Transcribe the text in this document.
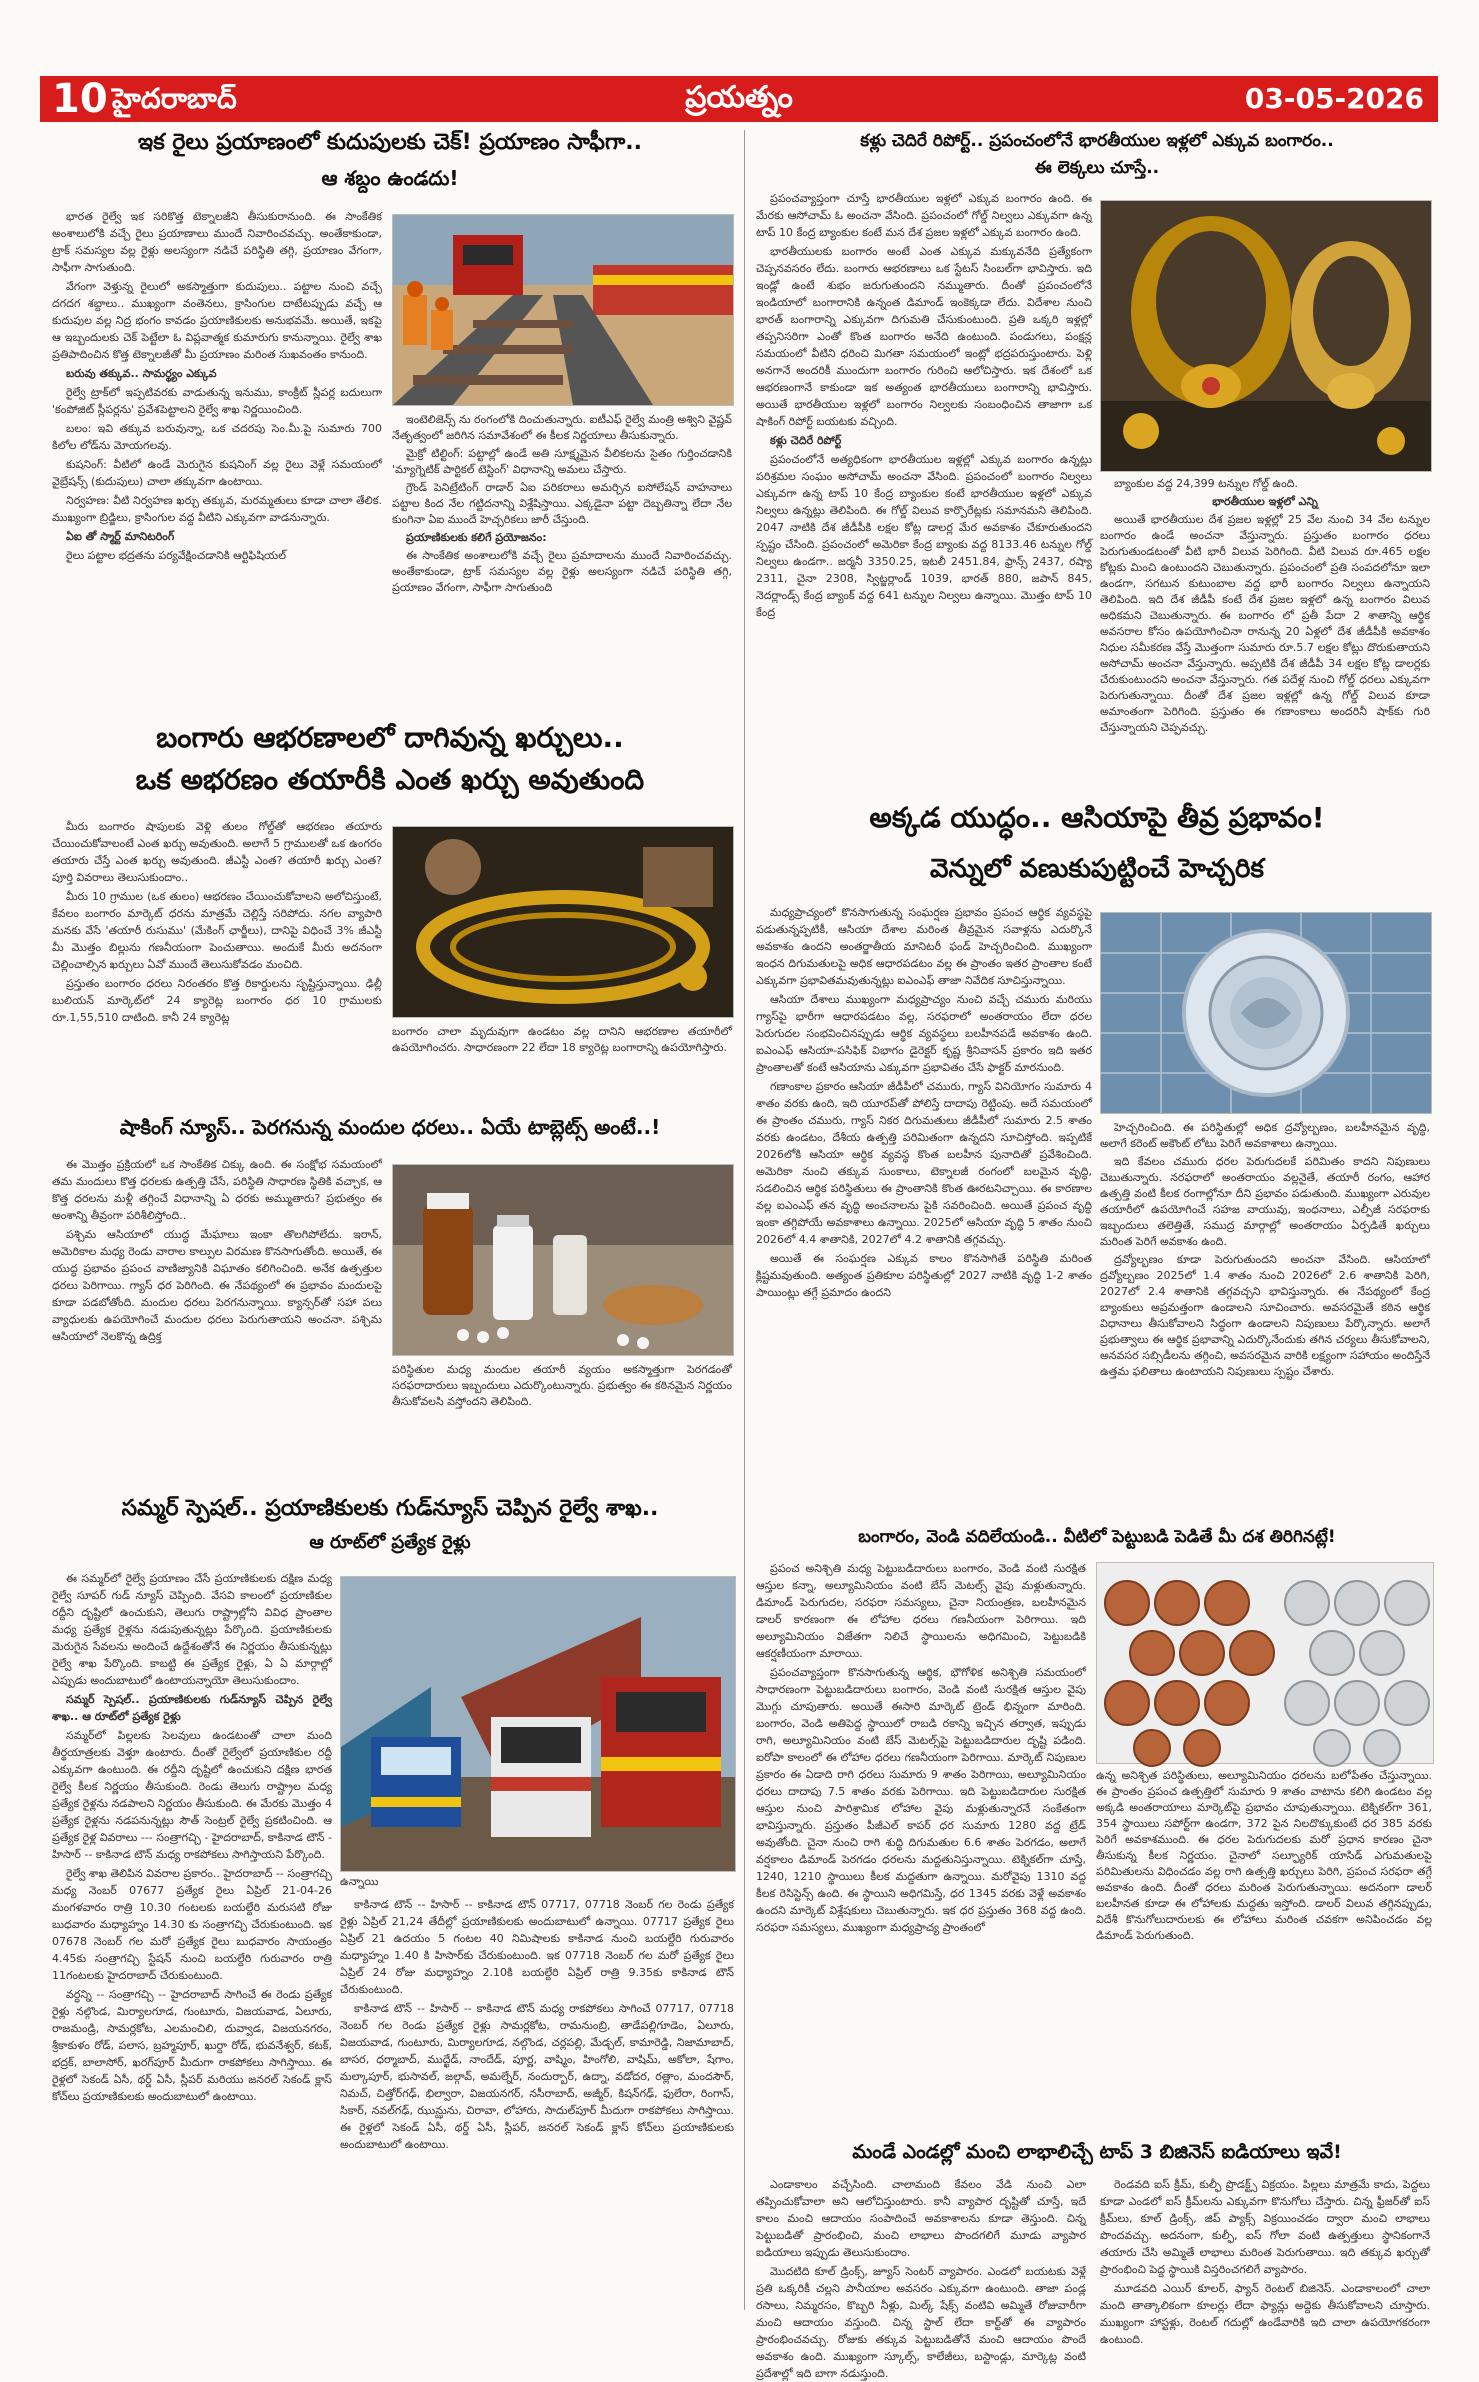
10 హైదరాబాద్	ప్రయత్నం	03-05-2026
ఇక రైలు ప్రయాణంలో కుదుపులకు చెక్! ప్రయాణం సాఫీగా..
ఆ శబ్దం ఉండదు!

భారత రైల్వే ఇక సరికొత్త టెక్నాలజీని తీసుకురానుంది. ఈ సాంకేతిక అంశాలులోకి వచ్చే రైలు ప్రయాణాలు ముందే నివారించవచ్చు. అంతేకాకుండా, ట్రాక్ సమస్యల వల్ల రైళ్లు అలస్యంగా నడిచే పరిస్థితి తగ్గి, ప్రయాణం వేగంగా, సాఫీగా సాగుతుంది.

వేగంగా వెళ్తున్న రైలులో అకస్మాత్తుగా కుదుపులు.. పట్టాల నుంచి వచ్చే దగదగ శబ్దాలు.. ముఖ్యంగా వంతెనలు, క్రాసింగుల దాటేటప్పుడు వచ్చే ఆ కుదుపుల వల్ల నిద్ర భంగం కావడం ప్రయాణికులకు అనుభవమే. అయితే, ఇకపై ఆ ఇబ్బందులకు చెక్ పెట్టేలా ఓ విప్లవాత్మక కుమారుగు కానున్నాయి. రైల్వే శాఖ ప్రతిపాదించిన కొత్త టెక్నాలజీతో మీ ప్రయాణం మరింత సుఖవంతం కానుంది.

బరువు తక్కువ.. సామర్థ్యం ఎక్కువ

రైల్వే ట్రాక్‌లో ఇప్పటివరకు వాడుతున్న ఇనుము, కాంక్రీట్ స్లీపర్ల బదులుగా 'కంపోజిట్ స్లీపర్లను' ప్రవేశపెట్టాలని రైల్వే శాఖ నిర్ణయించింది.

బలం: ఇవి తక్కువ బరువున్నా, ఒక చదరపు సెం.మీ.పై సుమారు 700 కిలోల లోడ్‌ను మోయగలవు.

కుషనింగ్: వీటిలో ఉండే మెరుగైన కుషనింగ్ వల్ల రైలు వెళ్లే సమయంలో వైబ్రేషన్స్ (కుదుపులు) చాలా తక్కువగా ఉంటాయి.

నిర్వహణ: వీటి నిర్వహణ ఖర్చు తక్కువ, మరమ్మతులు కూడా చాలా తేలిక. ముఖ్యంగా బ్రిడ్జిలు, క్రాసింగుల వద్ద వీటిని ఎక్కువగా వాడనున్నారు.

ఏఐ తో స్మార్ట్ మానిటరింగ్

రైలు పట్టాల భద్రతను పర్యవేక్షించడానికి ఆర్టిఫిషియల్

ఇంటెలిజెన్స్ ను రంగంలోకి దించుతున్నారు. ఐటీఎఫ్ రైల్వే మంత్రి అశ్విని వైష్ణవ్ నేతృత్వంలో జరిగిన సమావేశంలో ఈ కీలక నిర్ణయాలు తీసుకున్నారు.

మైక్రో టిల్టింగ్: పట్టాల్లో ఉండే అతి సూక్ష్మమైన వీలికలను సైతం గుర్తించడానికి 'మ్యాగ్నెటిక్ పార్టికల్ టెస్టింగ్' విధానాన్ని అమలు చేస్తారు.

గ్రౌండ్ పెనిట్రేటింగ్ రాడార్ ఏఐ పరికరాలు అమర్చిన ఐసోలేషన్ వాహనాలు పట్టాల కింద నేల గట్టిదనాన్ని విశ్లేషిస్తాయి. ఎక్కడైనా పట్టా దెబ్బతిన్నా లేదా నేల కుంగినా ఏఐ ముందే హెచ్చరికలు జారీ చేస్తుంది.

ప్రయాణికులకు కలిగే ప్రయోజనం:

ఈ సాంకేతిక అంశాలులోకి వచ్చే రైలు ప్రమాదాలను ముందే నివారించవచ్చు. అంతేకాకుండా, ట్రాక్ సమస్యల వల్ల రైళ్లు అలస్యంగా నడిచే పరిస్థితి తగ్గి, ప్రయాణం వేగంగా, సాఫీగా సాగుతుంది

కళ్లు చెదిరే రిపోర్ట్.. ప్రపంచంలోనే భారతీయుల ఇళ్లలో ఎక్కువ బంగారం..
ఈ లెక్కలు చూస్తే..

ప్రపంచవ్యాప్తంగా చూస్తే భారతీయుల ఇళ్లలో ఎక్కువ బంగారం ఉంది. ఈ మేరకు ఆసోచామ్ ఓ అంచనా వేసింది. ప్రపంచంలో గోల్డ్ నిల్వలు ఎక్కువగా ఉన్న టాప్ 10 కేంద్ర బ్యాంకుల కంటే మన దేశ ప్రజల ఇళ్లలో ఎక్కువ బంగారం ఉంది.

భారతీయులకు బంగారం అంటే ఎంత ఎక్కువ మక్కువనేది ప్రత్యేకంగా చెప్పనవసరం లేదు. బంగారు ఆభరణాలు ఒక స్టేటస్ సింబల్‌గా భావిస్తారు. ఇది ఇండ్లో ఉంటే శుభం జరుగుతుందని నమ్ముతారు. దీంతో ప్రపంచంలోనే ఇండియాలో బంగారానికి ఉన్నంత డిమాండ్ ఇంకెక్కడా లేదు. విదేశాల నుంచి భారత్ బంగారాన్ని ఎక్కువగా దిగుమతి చేసుకుంటుంది. ప్రతి ఒక్కరి ఇళ్లల్లో తప్పనిసరిగా ఎంతో కొంత బంగారం అనేది ఉంటుంది. పండుగలు, పంక్షన్ల సమయంలో వీటిని ధరించి మిగతా సమయంలో ఇంట్లో భద్రపరుస్తుంటారు. పెళ్లి అనగానే అందరికీ ముందుగా బంగారం గురించి ఆలోచిస్తారు. ఇక దేశంలో ఒక ఆభరణంగానే కాకుండా ఇక అత్యంత భారతీయులు బంగారాన్ని భావిస్తారు. అయితే భారతీయుల ఇళ్లలో బంగారం నిల్వలకు సంబంధించిన తాజాగా ఒక షాకింగ్ రిపోర్ట్ బయటకు వచ్చింది.

కళ్లు చెదిరే రిపోర్ట్

ప్రపంచంలోనే అత్యధికంగా భారతీయుల ఇళ్లల్లో ఎక్కువ బంగారం ఉన్నట్లు పరిశ్రమల సంఘం అసోచామ్ అంచనా వేసింది. ప్రపంచంలో బంగారం నిల్వలు ఎక్కువగా ఉన్న టాప్ 10 కేంద్ర బ్యాంకుల కంటే భారతీయుల ఇళ్లలో ఎక్కువ నిల్వలు ఉన్నట్లు తెలిపింది. ఈ గోల్డ్ విలువ కార్పొరేట్లకు సమానమని తెలిపింది. 2047 నాటికి దేశ జీడీపీకి లక్షల కోట్ల డాలర్ల మేర అవకాశం చేకూరుతుందని స్పష్టం చేసింది. ప్రపంచంలో అమెరికా కేంద్ర బ్యాంకు వద్ద 8133.46 టన్నుల గోల్డ్ నిల్వలు ఉండగా.. జర్మనీ 3350.25, ఇటలీ 2451.84, ఫ్రాన్స్ 2437, రష్యా 2311, చైనా 2308, స్విట్జర్లాండ్ 1039, భారత్ 880, జపాన్ 845, నెదర్లాండ్స్ కేంద్ర బ్యాంక్ వద్ద 641 టన్నుల నిల్వలు ఉన్నాయి. మొత్తం టాప్ 10 కేంద్ర

బ్యాంకుల వద్ద 24,399 టన్నుల గోల్డ్ ఉంది.

భారతీయుల ఇళ్లలో ఎన్ని

అయితే భారతీయుల దేశ ప్రజల ఇళ్లల్లో 25 వేల నుంచి 34 వేల టన్నుల బంగారం ఉండే అంచనా వేస్తున్నారు. ప్రస్తుతం బంగారం ధరలు పెరుగుతుండటంతో వీటి భారీ విలువ పెరిగింది. వీటి విలువ రూ.465 లక్షల కోట్లకు మించి ఉంటుందని చెబుతున్నారు. ప్రపంచంలో ప్రతి సంపదలోనూ ఇలా ఉండగా, సగటున కుటుంబాల వద్ద భారీ బంగారం నిల్వలు ఉన్నాయని తెలిపింది. ఇది దేశ జీడీపీ కంటే దేశ ప్రజల ఇళ్లలో ఉన్న బంగారం విలువ అధికమని చెబుతున్నారు. ఈ బంగారం లో ప్రతీ పేదా 2 శాతాన్ని ఆర్థిక అవసరాల కోసం ఉపయోగించినా రానున్న 20 ఏళ్లలో దేశ జీడీపీకి అవకాశం నిధుల సమీకరణ వేస్తే మొత్తంగా సుమారు రూ.5.7 లక్షల కోట్లు దొరుకుతాయని అసోచామ్ అంచనా వేస్తున్నారు. అప్పటికి దేశ జీడీపీ 34 లక్షల కోట్ల డాలర్లకు చేరుకుంటుందని అంచనా వేస్తున్నారు. గత పదేళ్ల నుంచి గోల్డ్ ధరలు ఎక్కువగా పెరుగుతున్నాయి. దీంతో దేశ ప్రజల ఇళ్లల్లో ఉన్న గోల్డ్ విలువ కూడా అమాంతంగా పెరిగింది. ప్రస్తుతం ఈ గణాంకాలు అందరినీ షాక్‌కు గురి చేస్తున్నాయని చెప్పవచ్చు.

బంగారు ఆభరణాలలో దాగివున్న ఖర్చులు..
ఒక అభరణం తయారీకి ఎంత ఖర్చు అవుతుంది

మీరు బంగారం షాపులకు వెళ్లి తులం గోల్డ్‌తో ఆభరణం తయారు చేయించుకోవాలంటే ఎంత ఖర్చు అవుతుంది. అలాగే 5 గ్రాములతో ఒక ఉంగరం తయారు చేస్తే ఎంత ఖర్చు అవుతుంది. జీఎస్టీ ఎంత? తయారీ ఖర్చు ఎంత? పూర్తి వివరాలు తెలుసుకుందాం..

మీరు 10 గ్రాముల (ఒక తులం) ఆభరణం చేయించుకోవాలని అలోచిస్తుంటే, కేవలం బంగారం మార్కెట్ ధరను మాత్రమే చెల్లిస్తే సరిపోదు. నగల వ్యాపారి మనకు వేసే 'తయారీ రుసుము' (మేకింగ్ ఛార్జీలు), దానిపై విధించే 3% జీఎస్టీ మీ మొత్తం బిల్లును గణనీయంగా పెంచుతాయి. అందుకే మీరు అదనంగా చెల్లించాల్సిన ఖర్చులు ఏవో ముందే తెలుసుకోవడం మంచిది.

ప్రస్తుతం బంగారం ధరలు నిరంతరం కొత్త రికార్డులను సృష్టిస్తున్నాయి. ఢిల్లీ బులియన్ మార్కెట్‌లో 24 క్యారెట్ల బంగారం ధర 10 గ్రాములకు రూ.1,55,510 దాటింది. కానీ 24 క్యారెట్ల

బంగారం చాలా మృదువుగా ఉండటం వల్ల దానిని ఆభరణాల తయారీలో ఉపయోగించరు. సాధారణంగా 22 లేదా 18 క్యారెట్ల బంగారాన్ని ఉపయోగిస్తారు.
అక్కడ యుద్ధం.. ఆసియాపై తీవ్ర ప్రభావం!
వెన్నులో వణుకుపుట్టించే హెచ్చరిక

మధ్యప్రాచ్యంలో కొనసాగుతున్న సంఘర్షణ ప్రభావం ప్రపంచ ఆర్థిక వ్యవస్థపై పడుతున్నప్పటికీ, ఆసియా దేశాల మరింత తీవ్రమైన సవాళ్లను ఎదుర్కొనే అవకాశం ఉందని అంతర్జాతీయ మానిటరీ ఫండ్ హెచ్చరించింది. ముఖ్యంగా ఇంధన దిగుమతులపై అధిక ఆధారపడటం వల్ల ఈ ప్రాంతం ఇతర ప్రాంతాల కంటే ఎక్కువగా ప్రభావితమవుతున్నట్లు ఐఎంఎఫ్ తాజా నివేదిక సూచిస్తున్నాయి.

ఆసియా దేశాలు ముఖ్యంగా మధ్యప్రాచ్యం నుంచి వచ్చే చమురు మరియు గ్యాస్‌పై భారీగా ఆధారపడటం వల్ల, సరఫరాలో అంతరాయం లేదా ధరల పెరుగుదల సంభవించినప్పుడు ఆర్థిక వ్యవస్థలు బలహీనపడే అవకాశం ఉంది. ఐఎంఎఫ్ ఆసియా-పసిఫిక్ విభాగం డైరెక్టర్ కృష్ణ శ్రీనివాసన్ ప్రకారం ఇది ఇతర ప్రాంతాలతో కంటే ఆసియాను ఎక్కువగా ప్రభావితం చేసే ఫాక్టర్ మారనుంది.

గణాంకాల ప్రకారం ఆసియా జీడీపీలో చమురు, గ్యాస్ వినియోగం సుమారు 4 శాతం వరకు ఉంది, ఇది యూరప్‌తో పోలిస్తే దాదాపు రెట్టింపు. అదే సమయంలో ఈ ప్రాంతం చమురు, గ్యాస్ నికర దిగుమతులు జీడీపీలో సుమారు 2.5 శాతం వరకు ఉండటం, దేశీయ ఉత్పత్తి పరిమితంగా ఉన్నదని సూచిస్తోంది. ఇప్పటికే 2026లోకి ఆసియా ఆర్థిక వ్యవస్థ కొంత బలహీన పునాదితో ప్రవేశించింది. అమెరికా నుంచి తక్కువ సుంకాలు, టెక్నాలజీ రంగంలో బలమైన వృద్ధి, సడలించిన ఆర్థిక పరిస్థితులు ఈ ప్రాంతానికి కొంత ఊరటనిచ్చాయి. ఈ కారణాల వల్ల ఐఎంఎఫ్ తన వృద్ధి అంచనాలను పైకి సవరించింది. అయితే ప్రపంచ వృద్ధి ఇంకా తగ్గిపోయే అవకాశాలు ఉన్నాయి. 2025లో ఆసియా వృద్ధి 5 శాతం నుంచి 2026లో 4.4 శాతానికి, 2027లో 4.2 శాతానికి తగ్గవచ్చు.

అయితే ఈ సంఘర్షణ ఎక్కువ కాలం కొనసాగితే పరిస్థితి మరింత క్లిష్టమవుతుంది. అత్యంత ప్రతికూల పరిస్థితుల్లో 2027 నాటికి వృద్ధి 1-2 శాతం పాయింట్లు తగ్గే ప్రమాదం ఉందని

హెచ్చరించింది. ఈ పరిస్థితుల్లో అధిక ద్రవ్యోల్బణం, బలహీనమైన వృద్ధి, అలాగే కరెంట్ అకౌంట్ లోటు పెరిగే అవకాశాలు ఉన్నాయి.

ఇది కేవలం చమురు ధరల పెరుగుదలకే పరిమితం కాదని నిపుణులు చెబుతున్నారు. నరఫరాలో అంతరాయం వల్లనైతే, తయారీ రంగం, ఆహార ఉత్పత్తి వంటి కీలక రంగాల్లోనూ దీని ప్రభావం పడుతుంది. ముఖ్యంగా ఎరువుల తయారీలో ఉపయోగించే సహజ వాయువు, ఇంధనాలు, ఎల్పీజీ సరఫరాకు ఇబ్బందులు తలెత్తితే, సముద్ర మార్గాల్లో అంతరాయం ఏర్పడితే ఖర్చులు మరింత పెరిగే అవకాశం ఉంది.

ద్రవ్యోల్బణం కూడా పెరుగుతుందని అంచనా వేసింది. ఆసియాలో ద్రవ్యోల్బణం 2025లో 1.4 శాతం నుంచి 2026లో 2.6 శాతానికి పెరిగి, 2027లో 2.4 శాతానికి తగ్గవచ్చని భావిస్తున్నారు. ఈ నేపథ్యంలో కేంద్ర బ్యాంకులు అప్రమత్తంగా ఉండాలని సూచించారు. అవసరమైతే కఠిన ఆర్థిక విధానాలు తీసుకోవాలని సిద్ధంగా ఉండాలని నిపుణులు పేర్కొన్నారు. అలాగే ప్రభుత్వాలు ఈ ఆర్థిక ప్రభావాన్ని ఎదుర్కొనేందుకు తగిన చర్యలు తీసుకోవాలని, అనవసర సబ్సిడీలను తగ్గించి, అవసరమైన వారికి లక్ష్యంగా సహాయం అందిస్తేనే ఉత్తమ ఫలితాలు ఉంటాయని నిపుణులు స్పష్టం చేశారు.

షాకింగ్ న్యూస్.. పెరగనున్న మందుల ధరలు.. ఏయే టాబ్లెట్స్ అంటే..!

ఈ మొత్తం ప్రక్రియలో ఒక సాంకేతిక చిక్కు ఉంది. ఈ సంక్షోభ సమయంలో తమ మందులు కొత్త ధరలకు ఉత్పత్తి చేసే, పరిస్థితి సాధారణ స్థితికి వచ్చాక, ఆ కొత్త ధరలను మళ్లీ తగ్గించే విధానాన్ని ఏ ధరకు అమ్ముతారు? ప్రభుత్వం ఈ అంశాన్ని తీవ్రంగా పరిశీలిస్తోంది..

పశ్చిమ ఆసియాలో యుద్ధ మేఘాలు ఇంకా తొలగిపోలేదు. ఇరాన్, అమెరికాల మధ్య రెండు వారాల కాల్పుల విరమణ కొనసాగుతోంది. అయితే, ఈ యుద్ధ ప్రభావం ప్రపంచ వాణిజ్యానికి విఘాతం కలిగించింది. అనేక ఉత్పత్తుల ధరలు పెరిగాయి. గ్యాస్ ధర పెరిగింది. ఈ నేపథ్యంలో ఈ ప్రభావం మందులపై కూడా పడబోతోంది. మందుల ధరలు పెరగనున్నాయి. క్యాన్సర్‌తో సహా పలు వ్యాధులకు ఉపయోగించే మందుల ధరలు పెరుగుతాయని అంచనా. పశ్చిమ ఆసియాలో నెలకొన్న ఉద్రిక్త

పరిస్థితుల మధ్య మందుల తయారీ వ్యయం అకస్మాత్తుగా పెరగడంతో సరఫరాదారులు ఇబ్బందులు ఎదుర్కొంటున్నారు. ప్రభుత్వం ఈ కఠినమైన నిర్ణయం తీసుకోవలసి వస్తోందని తెలిపింది.
సమ్మర్ స్పెషల్.. ప్రయాణికులకు గుడ్‌న్యూస్ చెప్పిన రైల్వే శాఖ..
ఆ రూట్‌లో ప్రత్యేక రైళ్లు

ఈ సమ్మర్‌లో రైల్వే ప్రయాణం చేసే ప్రయాణికులకు దక్షిణ మధ్య రైల్వే సూపర్ గుడ్ న్యూస్ చెప్పింది. వేసవి కాలంలో ప్రయాణికుల రద్దీని దృష్టిలో ఉంచుకుని, తెలుగు రాష్ట్రాల్లోని వివిధ ప్రాంతాల మధ్య ప్రత్యేక రైళ్లను నడుపుతున్నట్లు పేర్కొంది. ప్రయాణికులకు మెరుగైన సేవలను అందించే ఉద్దేశంతోనే ఈ నిర్ణయం తీసుకున్నట్లు రైల్వే శాఖ పేర్కొంది. కాబట్టి ఈ ప్రత్యేక రైళ్లు, ఏ ఏ మార్గాల్లో ఎప్పుడు అందుబాటులో ఉంటాయన్నాయో తెలుసుకుందాం.

సమ్మర్ స్పెషల్.. ప్రయాణికులకు గుడ్‌న్యూస్ చెప్పిన రైల్వే శాఖ.. ఆ రూట్‌లో ప్రత్యేక రైళ్లు

సమ్మర్‌లో పిల్లలకు సెలవులు ఉండటంతో చాలా మంది తీర్థయాత్రలకు వెళ్తూ ఉంటారు. దీంతో రైల్వేలో ప్రయాణికుల రద్దీ ఎక్కువగా ఉంటుంది. ఈ రద్దీని దృష్టిలో ఉంచుకుని దక్షిణ భారత రైల్వే కీలక నిర్ణయం తీసుకుంది. రెండు తెలుగు రాష్ట్రాల మధ్య ప్రత్యేక రైళ్లను నడపాలని నిర్ణయం తీసుకుంది. ఈ మేరకు మొత్తం 4 ప్రత్యేక రైళ్లను నడపనున్నట్లు సౌత్ సెంట్రల్ రైల్వే ప్రకటించింది. ఆ ప్రత్యేక రైళ్ల వివరాలు --- సంత్రాగచ్చి - హైదరాబాద్, కాకినాడ టౌన్ - హిసార్ -- కాకినాడ టౌన్ మధ్య రాకపోకలు సాగిస్తాయని పేర్కొంది.

రైల్వే శాఖ తెలిపిన వివరాల ప్రకారం.. హైదరాబాద్ -- సంత్రాగచ్చి మధ్య నెంబర్ 07677 ప్రత్యేక రైలు ఏప్రిల్ 21-04-26 మంగళవారం రాత్రి 10.30 గంటలకు బయల్దేరి మరుసటి రోజు బుధవారం మధ్యాహ్నం 14.30 కు సంత్రాగచ్చి చేరుకుంటుంది. ఇక 07678 నెంబర్ గల మరో ప్రత్యేక రైలు బుధవారం సాయంత్రం 4.45కు సంత్రాగచ్చి స్టేషన్ నుంచి బయల్దేరి గురువారం రాత్రి 11గంటలకు హైదరాబాద్ చేరుకుంటుంది.

వర్ధన్ని -- సంత్రాగచ్చి -- హైదరాబాద్ సాగించే ఈ రెండు ప్రత్యేక రైళ్లు నల్గొండ, మిర్యాలగూడ, గుంటూరు, విజయవాడ, ఏలూరు, రాజమండ్రి, సామర్లకోట, ఎలమంచిలి, దువ్వాడ, విజయనగరం, శ్రీకాకుళం రోడ్, పలాస, బ్రహ్మపూర్, ఖుర్దా రోడ్, భువనేశ్వర్, కటక్, భద్రక్, బాలాసోర్, ఖరగ్‌పూర్ మీదుగా రాకపోకలు సాగిస్తాయి. ఈ రైళ్లలో సెకండ్ ఏసీ, థర్డ్ ఏసీ, స్లీపర్ మరియు జనరల్ సెకండ్ క్లాస్ కోచ్‌లు ప్రయాణికులకు అందుబాటులో ఉంటాయి.

ఉన్నాయి

కాకినాడ టౌన్ -- హిసార్ -- కాకినాడ టౌన్ 07717, 07718 నెంబర్ గల రెండు ప్రత్యేక రైళ్లు ఏప్రిల్ 21,24 తేదీల్లో ప్రయాణికులకు అందుబాటులో ఉన్నాయి. 07717 ప్రత్యేక రైలు ఏప్రిల్ 21 ఉదయం 5 గంటల 40 నిమిషాలకు కాకినాడ నుంచి బయల్దేరి గురువారం మధ్యాహ్నం 1.40 కి హిసార్‌కు చేరుకుంటుంది. ఇక 07718 నెంబర్ గల మరో ప్రత్యేక రైలు ఏప్రిల్ 24 రోజు మధ్యాహ్నం 2.10కి బయల్దేరి ఏప్రిల్ రాత్రి 9.35కు కాకినాడ టౌన్ చేరుకుంటుంది.

కాకినాడ టౌన్ -- హిసార్ -- కాకినాడ టౌన్ మధ్య రాకపోకలు సాగించే 07717, 07718 నెంబర్ గల రెండు ప్రత్యేక రైళ్లు సామర్లకోట, రామనుంబ్రి, తాడేపల్లిగూడెం, ఏలూరు, విజయవాడ, గుంటూరు, మిర్యాలగూడ, నల్గొండ, చర్లపల్లి, మేడ్చల్, కామారెడ్డి, నిజామాబాద్, బాసర, ధర్మాబాద్, ముద్ఖేడ్, నాందేడ్, పూర్ణ, వాష్మిం, హింగోలి, వాషిమ్, అకోలా, షేగాం, మల్కాపూర్, భుసావల్, జల్గావ్, అమల్నేర్, నందుర్బార్, ఉద్నా, వడోదర, రత్లాం, మందసౌర్, నిమచ్, చిత్తోర్‌గఢ్, భిల్వారా, విజయనగర్, నసీరాబాద్, అజ్మీర్, కిషన్‌గఢ్, ఫులేరా, రింగాస్, సికార్, నవల్‌గఢ్, ఝున్ఝును, చిరావా, లోహారు, సాదుల్‌పూర్ మీదుగా రాకపోకలు సాగిస్తాయి. ఈ రైళ్లలో సెకండ్ ఏసీ, థర్డ్ ఏసీ, స్లీపర్, జనరల్ సెకండ్ క్లాస్ కోచ్‌లు ప్రయాణికులకు అందుబాటులో ఉంటాయి.

బంగారం, వెండి వదిలేయండి.. వీటిలో పెట్టుబడి పెడితే మీ దశ తిరిగినట్లే!

ప్రపంచ అనిశ్చితి మధ్య పెట్టుబడిదారులు బంగారం, వెండి వంటి సురక్షిత ఆస్తుల కన్నా, అల్యూమినియం వంటి బేస్ మెటల్స్ వైపు మళ్లుతున్నారు. డిమాండ్ పెరుగుదల, సరఫరా సమస్యలు, చైనా నియంత్రణ, బలహీనమైన డాలర్ కారణంగా ఈ లోహాల ధరలు గణనీయంగా పెరిగాయి. ఇది అల్యూమినియం విజేతగా నిలిచే స్థాయిలను అధిగమించి, పెట్టుబడికి ఆకర్షణీయంగా మారాయి.

ప్రపంచవ్యాప్తంగా కొనసాగుతున్న ఆర్థిక, భౌగోళిక అనిశ్చితి సమయంలో సాధారణంగా పెట్టుబడిదారులు బంగారం, వెండి వంటి సురక్షిత ఆస్తుల వైపు మొగ్గు చూపుతారు. అయితే ఈసారి మార్కెట్ ట్రెండ్ భిన్నంగా మారింది. బంగారం, వెండి అతిపెద్ద స్థాయిలో రాబడి రకాన్ని ఇచ్చిన తర్వాత, ఇప్పుడు రాగి, అల్యూమినియం వంటి బేస్ మెటల్స్‌పై పెట్టుబడిదారుల దృష్టి పడింది. ఐరోపా కాలంలో ఈ లోహాల ధరలు గణనీయంగా పెరిగాయి. మార్కెట్ నిపుణుల ప్రకారం ఈ ఏడాది రాగి ధరలు సుమారు 9 శాతం పెరిగాయి, అల్యూమినియం ధరలు దాదాపు 7.5 శాతం వరకు పెరిగాయి. ఇది పెట్టుబడిదారుల సురక్షిత ఆస్తుల నుంచి పారిశ్రామిక లోహాల వైపు మళ్లుతున్నారనే సంకేతంగా భావిస్తున్నారు. ప్రస్తుతం పీజీఎల్ కాపర్ ధర సుమారు 1280 వద్ద ట్రేడ్ అవుతోంది. చైనా నుంచి రాగి శుద్ధి దిగుమతుల 6.6 శాతం పెరగడం, అలాగే వర్షకాలం డిమాండ్ పెరగడం ధరలను మద్దతునిస్తున్నాయి. టెక్నికల్‌గా చూస్తే, 1240, 1210 స్థాయిలు కీలక మద్దతుగా ఉన్నాయి. మరోవైపు 1310 వద్ద కీలక రెసిస్టెన్స్ ఉంది. ఈ స్థాయిని అధిగమిస్తే, ధర 1345 వరకు వెళ్లే అవకాశం ఉందని మార్కెట్ విశ్లేషకులు చెబుతున్నారు. ఇక ధర ప్రస్తుతం 368 వద్ద ఉంది. సరఫరా సమస్యలు, ముఖ్యంగా మధ్యప్రాచ్య ప్రాంతంలో

ఉన్న అనిశ్చిత పరిస్థితులు, అల్యూమినియం ధరలను బలోపేతం చేస్తున్నాయి. ఈ ప్రాంతం ప్రపంచ ఉత్పత్తిలో సుమారు 9 శాతం వాటాను కలిగి ఉండటం వల్ల అక్కడి అంతరాయాలు మార్కెట్‌పై ప్రభావం చూపుతున్నాయి. టెక్నికల్‌గా 361, 354 స్థాయిలు సపోర్ట్‌గా ఉండగా, 372 పైన నిలదొక్కుకుంటే ధర 385 వరకు పెరిగే అవకాశముంది. ఈ ధరల పెరుగుదలకు మరో ప్రధాన కారణం చైనా తీసుకున్న కీలక నిర్ణయం. చైనాలో సల్ఫ్యూరిక్ యాసిడ్ ఎగుమతులపై పరిమితులను విధించడం వల్ల రాగి ఉత్పత్తి ఖర్చులు పెరిగి, ప్రపంచ సరఫరా తగ్గే అవకాశం ఉంది. దీంతో ధరలు మరింత పెరుగుతున్నాయి. అదనంగా డాలర్ బలహీనత కూడా ఈ లోహాలకు మద్దతు ఇస్తోంది. డాలర్ విలువ తగ్గినప్పుడు, విదేశీ కొనుగోలుదారులకు ఈ లోహాలు మరింత చవకగా అనిపించడం వల్ల డిమాండ్ పెరుగుతుంది.
మండే ఎండల్లో మంచి లాభాలిచ్చే టాప్ 3 బిజినెస్ ఐడియాలు ఇవే!

ఎండాకాలం వచ్చేసింది. చాలామంది కేవలం వేడి నుంచి ఎలా తప్పించుకోవాలా అని ఆలోచిస్తుంటారు. కానీ వ్యాపార దృష్టితో చూస్తే, ఇదే కాలం మంచి ఆదాయం సంపాదించే అవకాశాలను కూడా తెస్తుంది. చిన్న పెట్టుబడితో ప్రారంభించి, మంచి లాభాలు పొందగలిగే మూడు వ్యాపార ఐడియాలు ఇప్పుడు తెలుసుకుందాం.

మొదటిది కూల్ డ్రింక్స్, జ్యూస్ సెంటర్ వ్యాపారం. ఎండలో బయటకు వెళ్లే ప్రతి ఒక్కరికీ చల్లని పానీయాల అవసరం ఎక్కువగా ఉంటుంది. తాజా పండ్ల రసాలు, నిమ్మరసం, కొబ్బరి నీళ్లు, మిల్క్ షేక్స్ వంటివి అమ్మితే రోజువారీగా మంచి ఆదాయం వస్తుంది. చిన్న స్టాల్ లేదా కార్ట్‌తో ఈ వ్యాపారం ప్రారంభించవచ్చు. రోజుకు తక్కువ పెట్టుబడితోనే మంచి ఆదాయం పొందే అవకాశం ఉంది. ముఖ్యంగా స్కూల్స్, కాలేజీలు, బస్టాండ్లు, మార్కెట్ల వంటి ప్రదేశాల్లో ఇది బాగా నడుస్తుంది.

రెండవది ఐస్ క్రీమ్, కుల్ఫీ ప్రొడక్ట్స్ విక్రయం. పిల్లలు మాత్రమే కాదు, పెద్దలు కూడా ఎండలో ఐస్ క్రీమ్‌లను ఎక్కువగా కొనుగోలు చేస్తారు. చిన్న ఫ్రీజర్‌తో ఐస్ క్రీమ్‌లు, కూల్ డ్రింక్స్, జిప్ ప్యాక్స్ విక్రయించడం ద్వారా మంచి లాభాలు పొందవచ్చు. అదనంగా, కుల్ఫీ, ఐస్ గోలా వంటి ఉత్పత్తులు స్థానికంగానే తయారు చేసి అమ్మితే లాభాలు మరింత పెరుగుతాయి. ఇది తక్కువ ఖర్చుతో ప్రారంభించి పెద్ద స్థాయికి విస్తరించగలిగే వ్యాపారం.

మూడవది ఎయిర్ కూలర్, ఫ్యాన్ రెంటల్ బిజినెస్. ఎండాకాలంలో చాలా మంది తాత్కాలికంగా కూలర్లు లేదా ఫ్యాన్లు అద్దెకు తీసుకోవాలని చూస్తారు. ముఖ్యంగా హాస్టళ్లు, రెంటల్ గదుల్లో ఉండేవారికి ఇది చాలా ఉపయోగకరంగా ఉంటుంది.
